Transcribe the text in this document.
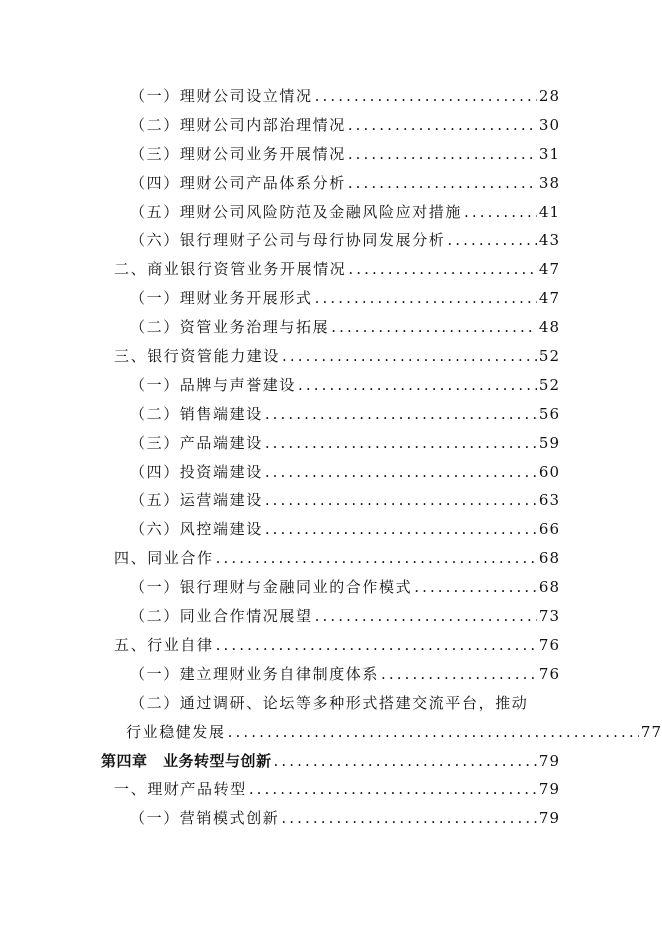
（一）理财公司设立情况 .....	28
（二）理财公司内部治理情况 .....	30
（三）理财公司业务开展情况 .....	31
（四）理财公司产品体系分析 .....	38
（五）理财公司风险防范及金融风险应对措施 .....	41
（六）银行理财子公司与母行协同发展分析 .....	43
二、商业银行资管业务开展情况 .....	47
（一）理财业务开展形式 .....	47
（二）资管业务治理与拓展 .....	48
三、银行资管能力建设 .....	52
（一）品牌与声誉建设 .....	52
（二）销售端建设 .....	56
（三）产品端建设 .....	59
（四）投资端建设 .....	60
（五）运营端建设 .....	63
（六）风控端建设 .....	66
四、同业合作 .....	68
（一）银行理财与金融同业的合作模式 .....	68
（二）同业合作情况展望 .....	73
五、行业自律 .....	76
（一）建立理财业务自律制度体系 .....	76
（二）通过调研、论坛等多种形式搭建交流平台，推动
行业稳健发展 .....	77
第四章　业务转型与创新 .....	79
一、理财产品转型 .....	79
（一）营销模式创新 .....	79
